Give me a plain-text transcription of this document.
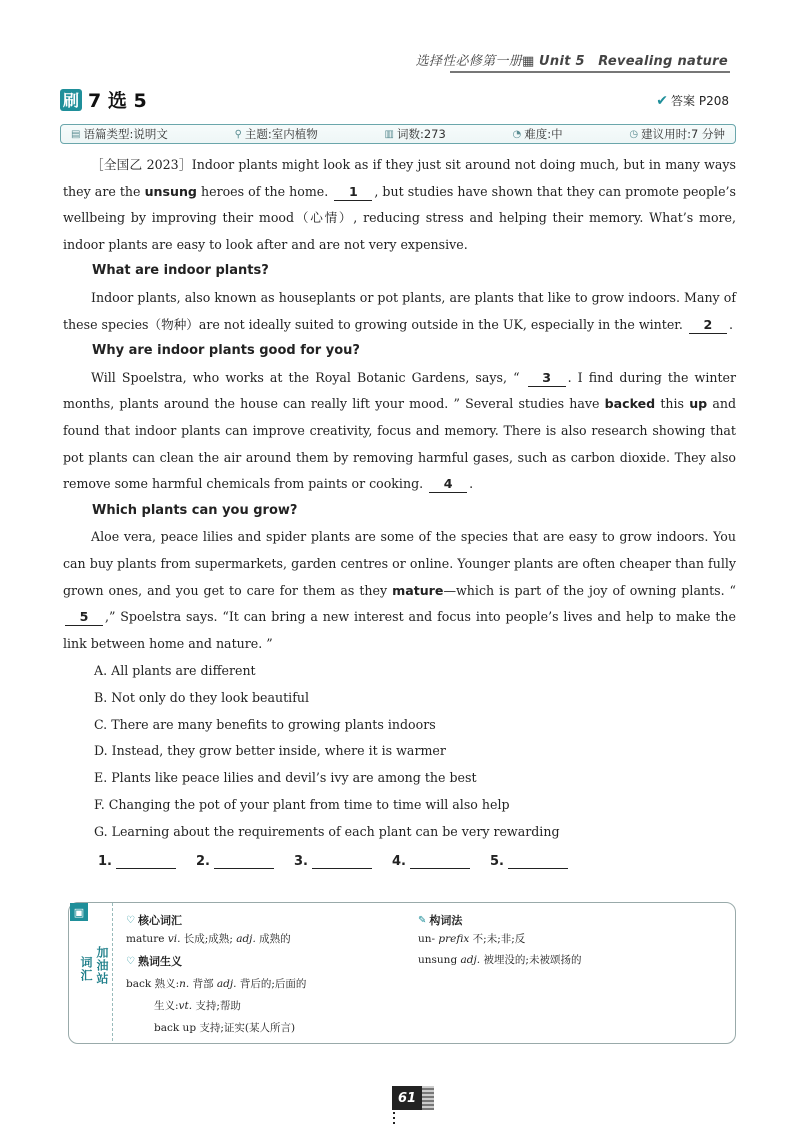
选择性必修第一册▦ Unit 5 Revealing nature
刷 7 选 5	✔ 答案 P208
▤ 语篇类型:说明文	⚲ 主题:室内植物	▥ 词数:273	◔ 难度:中	◷ 建议用时:7 分钟

［全国乙 2023］Indoor plants might look as if they just sit around not doing much, but in many ways they are the unsung heroes of the home. 1 , but studies have shown that they can promote people’s wellbeing by improving their mood（心情）, reducing stress and helping their memory. What’s more, indoor plants are easy to look after and are not very expensive.

What are indoor plants?

Indoor plants, also known as houseplants or pot plants, are plants that like to grow indoors. Many of these species（物种）are not ideally suited to growing outside in the UK, especially in the winter. 2 .

Why are indoor plants good for you?

Will Spoelstra, who works at the Royal Botanic Gardens, says, “ 3 . I find during the winter months, plants around the house can really lift your mood. ” Several studies have backed this up and found that indoor plants can improve creativity, focus and memory. There is also research showing that pot plants can clean the air around them by removing harmful gases, such as carbon dioxide. They also remove some harmful chemicals from paints or cooking. 4 .

Which plants can you grow?

Aloe vera, peace lilies and spider plants are some of the species that are easy to grow indoors. You can buy plants from supermarkets, garden centres or online. Younger plants are often cheaper than fully grown ones, and you get to care for them as they mature—which is part of the joy of owning plants. “ 5 ,” Spoelstra says. “It can bring a new interest and focus into people’s lives and help to make the link between home and nature. ”

A. All plants are different

B. Not only do they look beautiful

C. There are many benefits to growing plants indoors

D. Instead, they grow better inside, where it is warmer

E. Plants like peace lilies and devil’s ivy are among the best

F. Changing the pot of your plant from time to time will also help

G. Learning about the requirements of each plant can be very rewarding

1.	2.	3.	4.	5.
▣
加油站
词汇
♡ 核心词汇
mature vi. 长成;成熟; adj. 成熟的
♡ 熟词生义
back 熟义:n. 背部 adj. 背后的;后面的
生义:vt. 支持;帮助
back up 支持;证实(某人所言)
✎ 构词法
un- prefix 不;未;非;反
unsung adj. 被埋没的;未被颂扬的
61
